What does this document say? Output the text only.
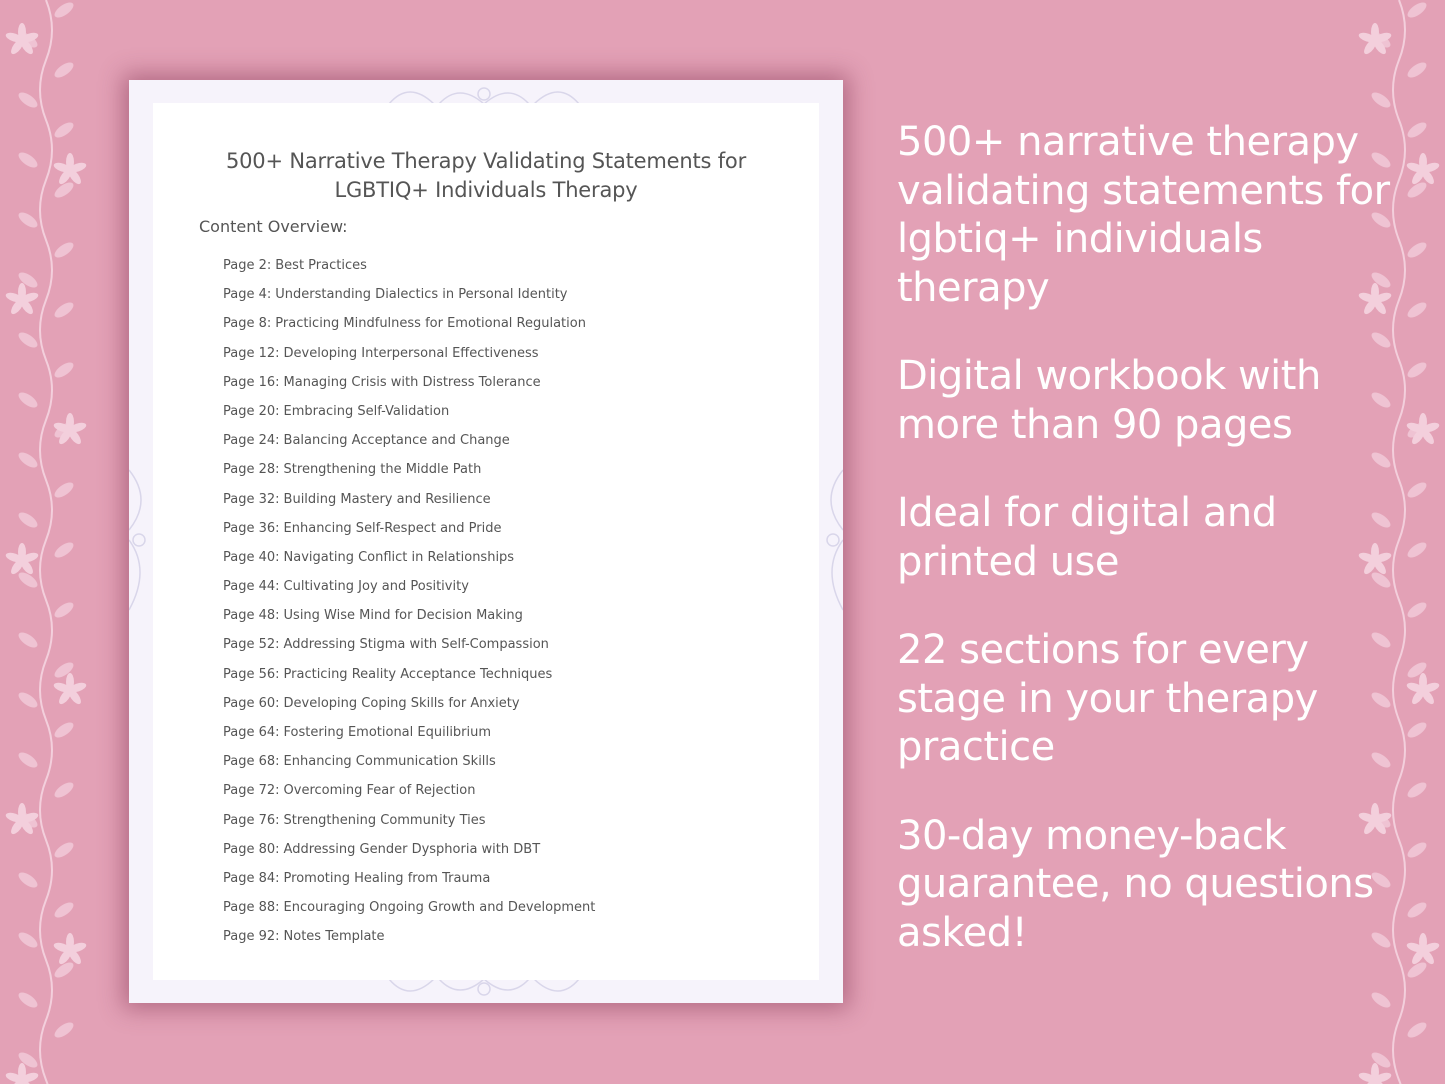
500+ Narrative Therapy Validating Statements for
LGBTIQ+ Individuals Therapy
Content Overview:
Page 2: Best Practices
Page 4: Understanding Dialectics in Personal Identity
Page 8: Practicing Mindfulness for Emotional Regulation
Page 12: Developing Interpersonal Effectiveness
Page 16: Managing Crisis with Distress Tolerance
Page 20: Embracing Self-Validation
Page 24: Balancing Acceptance and Change
Page 28: Strengthening the Middle Path
Page 32: Building Mastery and Resilience
Page 36: Enhancing Self-Respect and Pride
Page 40: Navigating Conflict in Relationships
Page 44: Cultivating Joy and Positivity
Page 48: Using Wise Mind for Decision Making
Page 52: Addressing Stigma with Self-Compassion
Page 56: Practicing Reality Acceptance Techniques
Page 60: Developing Coping Skills for Anxiety
Page 64: Fostering Emotional Equilibrium
Page 68: Enhancing Communication Skills
Page 72: Overcoming Fear of Rejection
Page 76: Strengthening Community Ties
Page 80: Addressing Gender Dysphoria with DBT
Page 84: Promoting Healing from Trauma
Page 88: Encouraging Ongoing Growth and Development
Page 92: Notes Template

500+ narrative therapy validating statements for lgbtiq+ individuals therapy

Digital workbook with more than 90 pages

Ideal for digital and printed use

22 sections for every stage in your therapy practice

30-day money-back guarantee, no questions asked!
